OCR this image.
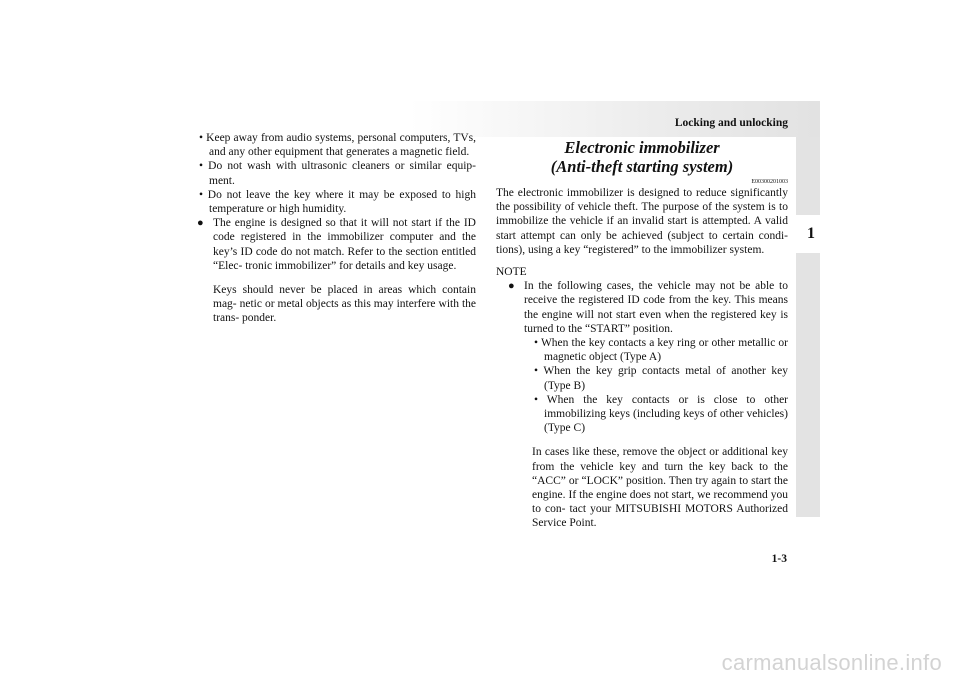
Locking and unlocking
1
• Keep away from audio systems, personal computers, TVs, and any other equipment that generates a magnetic field.
• Do not wash with ultrasonic cleaners or similar equip- ment.
• Do not leave the key where it may be exposed to high temperature or high humidity.
● The engine is designed so that it will not start if the ID code registered in the immobilizer computer and the key’s ID code do not match. Refer to the section entitled “Elec- tronic immobilizer” for details and key usage.
Keys should never be placed in areas which contain mag- netic or metal objects as this may interfere with the trans- ponder.
Electronic immobilizer
(Anti-theft starting system)
E00300201003
The electronic immobilizer is designed to reduce significantly the possibility of vehicle theft. The purpose of the system is to immobilize the vehicle if an invalid start is attempted. A valid start attempt can only be achieved (subject to certain condi- tions), using a key “registered” to the immobilizer system.
NOTE
● In the following cases, the vehicle may not be able to receive the registered ID code from the key. This means the engine will not start even when the registered key is turned to the “START” position.
• When the key contacts a key ring or other metallic or magnetic object (Type A)
• When the key grip contacts metal of another key (Type B)
• When the key contacts or is close to other immobilizing keys (including keys of other vehicles) (Type C)
In cases like these, remove the object or additional key from the vehicle key and turn the key back to the “ACC” or “LOCK” position. Then try again to start the engine. If the engine does not start, we recommend you to con- tact your MITSUBISHI MOTORS Authorized Service Point.
1-3
carmanualsonline.info
